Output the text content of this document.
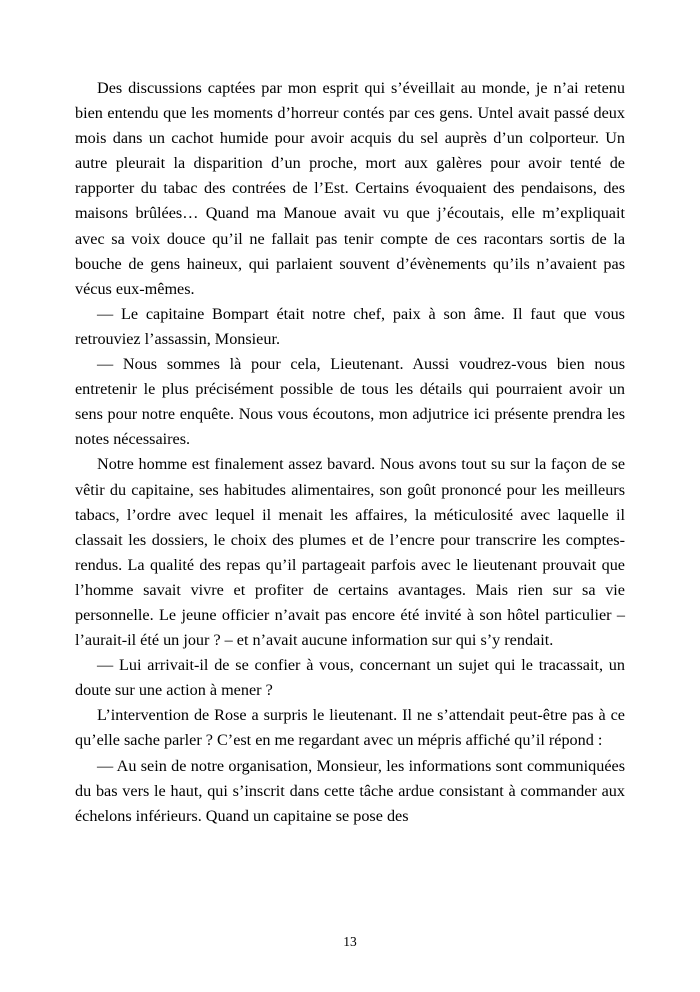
Des discussions captées par mon esprit qui s’éveillait au monde, je n’ai retenu bien entendu que les moments d’horreur contés par ces gens. Untel avait passé deux mois dans un cachot humide pour avoir acquis du sel auprès d’un colporteur. Un autre pleurait la disparition d’un proche, mort aux galères pour avoir tenté de rapporter du tabac des contrées de l’Est. Certains évoquaient des pendaisons, des maisons brûlées… Quand ma Manoue avait vu que j’écoutais, elle m’expliquait avec sa voix douce qu’il ne fallait pas tenir compte de ces racontars sortis de la bouche de gens haineux, qui parlaient souvent d’évènements qu’ils n’avaient pas vécus eux-mêmes.

— Le capitaine Bompart était notre chef, paix à son âme. Il faut que vous retrouviez l’assassin, Monsieur.

— Nous sommes là pour cela, Lieutenant. Aussi voudrez-vous bien nous entretenir le plus précisément possible de tous les détails qui pourraient avoir un sens pour notre enquête. Nous vous écoutons, mon adjutrice ici présente prendra les notes nécessaires.

Notre homme est finalement assez bavard. Nous avons tout su sur la façon de se vêtir du capitaine, ses habitudes alimentaires, son goût prononcé pour les meilleurs tabacs, l’ordre avec lequel il menait les affaires, la méticulosité avec laquelle il classait les dossiers, le choix des plumes et de l’encre pour transcrire les comptes-rendus. La qualité des repas qu’il partageait parfois avec le lieutenant prouvait que l’homme savait vivre et profiter de certains avantages. Mais rien sur sa vie personnelle. Le jeune officier n’avait pas encore été invité à son hôtel particulier – l’aurait-il été un jour ? – et n’avait aucune information sur qui s’y rendait.

— Lui arrivait-il de se confier à vous, concernant un sujet qui le tracassait, un doute sur une action à mener ?

L’intervention de Rose a surpris le lieutenant. Il ne s’attendait peut-être pas à ce qu’elle sache parler ? C’est en me regardant avec un mépris affiché qu’il répond :

— Au sein de notre organisation, Monsieur, les informations sont communiquées du bas vers le haut, qui s’inscrit dans cette tâche ardue consistant à commander aux échelons inférieurs. Quand un capitaine se pose des

13
